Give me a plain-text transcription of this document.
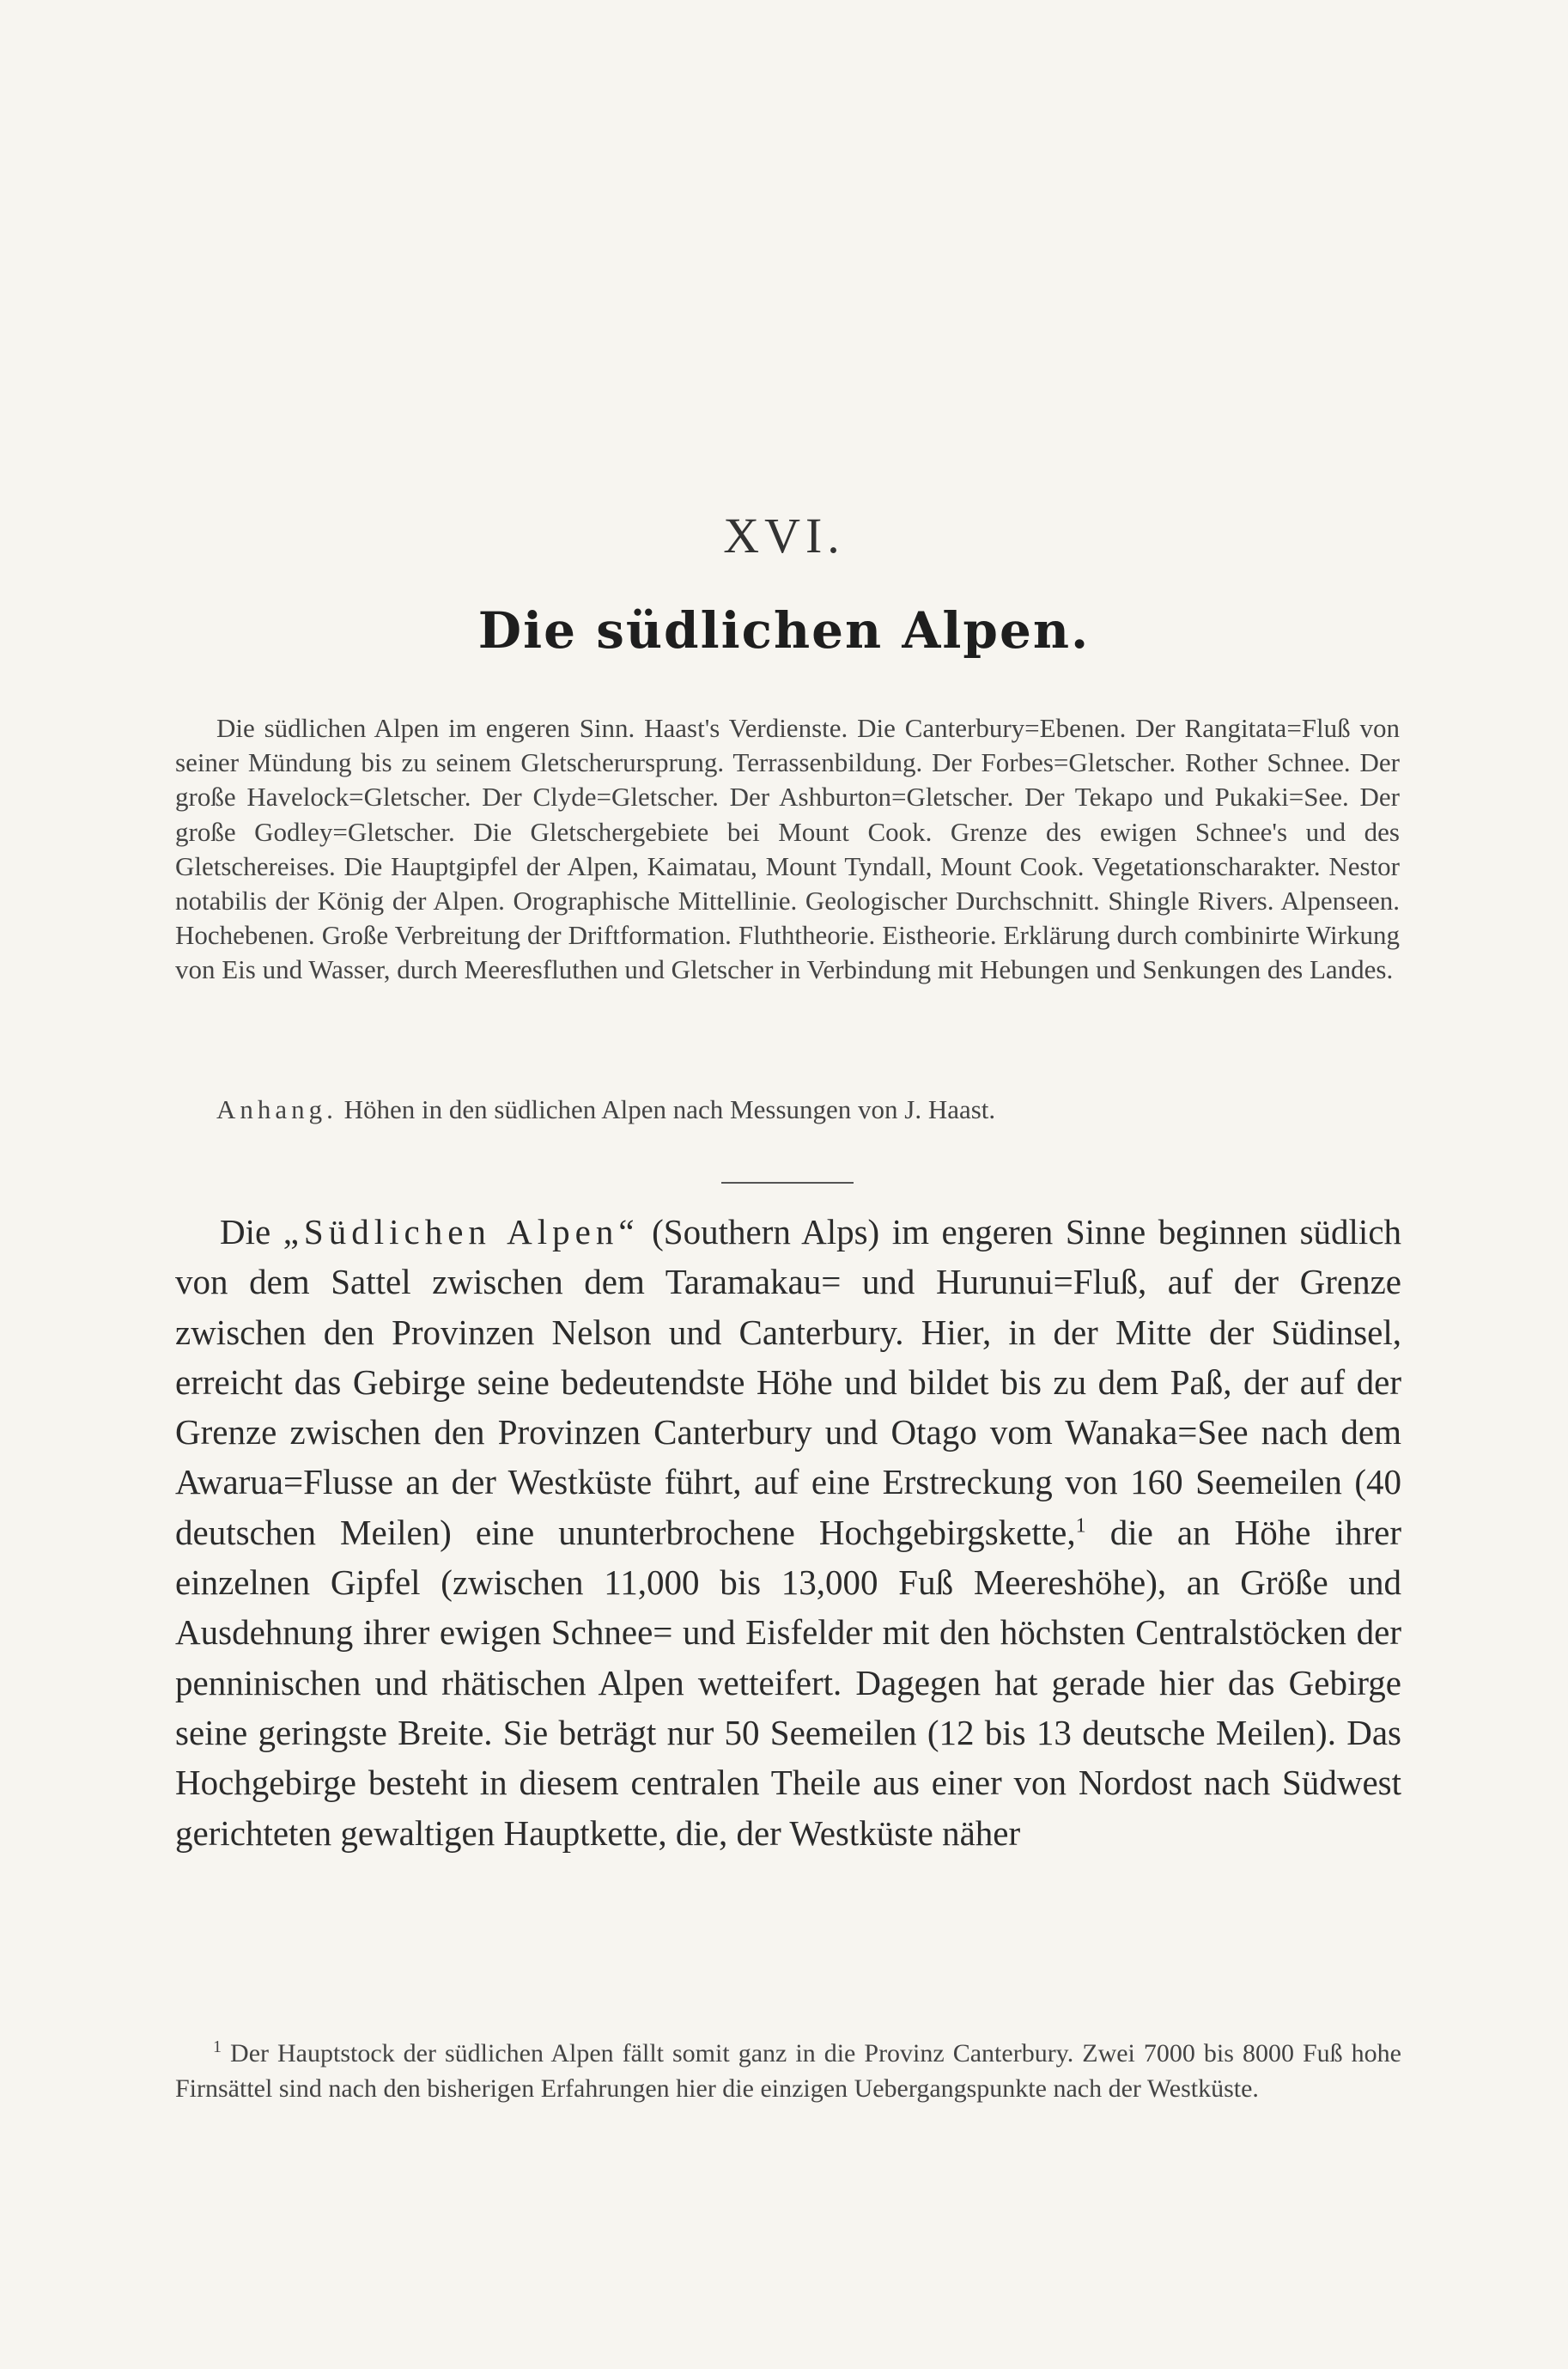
XVI.
Die südlichen Alpen.

Die südlichen Alpen im engeren Sinn. Haast's Verdienste. Die Canterbury=Ebenen. Der Rangitata=Fluß von seiner Mündung bis zu seinem Gletscherursprung. Terrassenbildung. Der Forbes=Gletscher. Rother Schnee. Der große Havelock=Gletscher. Der Clyde=Gletscher. Der Ashburton=Gletscher. Der Tekapo und Pukaki=See. Der große Godley=Gletscher. Die Gletschergebiete bei Mount Cook. Grenze des ewigen Schnee's und des Gletschereises. Die Hauptgipfel der Alpen, Kaimatau, Mount Tyndall, Mount Cook. Vegetationscharakter. Nestor notabilis der König der Alpen. Orographische Mittellinie. Geologischer Durchschnitt. Shingle Rivers. Alpenseen. Hochebenen. Große Verbreitung der Driftformation. Fluththeorie. Eistheorie. Erklärung durch combinirte Wirkung von Eis und Wasser, durch Meeresfluthen und Gletscher in Verbindung mit Hebungen und Senkungen des Landes.

Anhang. Höhen in den südlichen Alpen nach Messungen von J. Haast.

Die „Südlichen Alpen“ (Southern Alps) im engeren Sinne beginnen südlich von dem Sattel zwischen dem Taramakau= und Hurunui=Fluß, auf der Grenze zwischen den Provinzen Nelson und Canterbury. Hier, in der Mitte der Südinsel, erreicht das Gebirge seine bedeutendste Höhe und bildet bis zu dem Paß, der auf der Grenze zwischen den Provinzen Canterbury und Otago vom Wanaka=See nach dem Awarua=Flusse an der Westküste führt, auf eine Erstreckung von 160 Seemeilen (40 deutschen Meilen) eine ununterbrochene Hochgebirgskette,$^1$ die an Höhe ihrer einzelnen Gipfel (zwischen 11,000 bis 13,000 Fuß Meereshöhe), an Größe und Ausdehnung ihrer ewigen Schnee= und Eisfelder mit den höchsten Centralstöcken der penninischen und rhätischen Alpen wetteifert. Dagegen hat gerade hier das Gebirge seine geringste Breite. Sie beträgt nur 50 Seemeilen (12 bis 13 deutsche Meilen). Das Hochgebirge besteht in diesem centralen Theile aus einer von Nordost nach Südwest gerichteten gewaltigen Hauptkette, die, der Westküste näher

$^1$ Der Hauptstock der südlichen Alpen fällt somit ganz in die Provinz Canterbury. Zwei 7000 bis 8000 Fuß hohe Firnsättel sind nach den bisherigen Erfahrungen hier die einzigen Uebergangspunkte nach der Westküste.
